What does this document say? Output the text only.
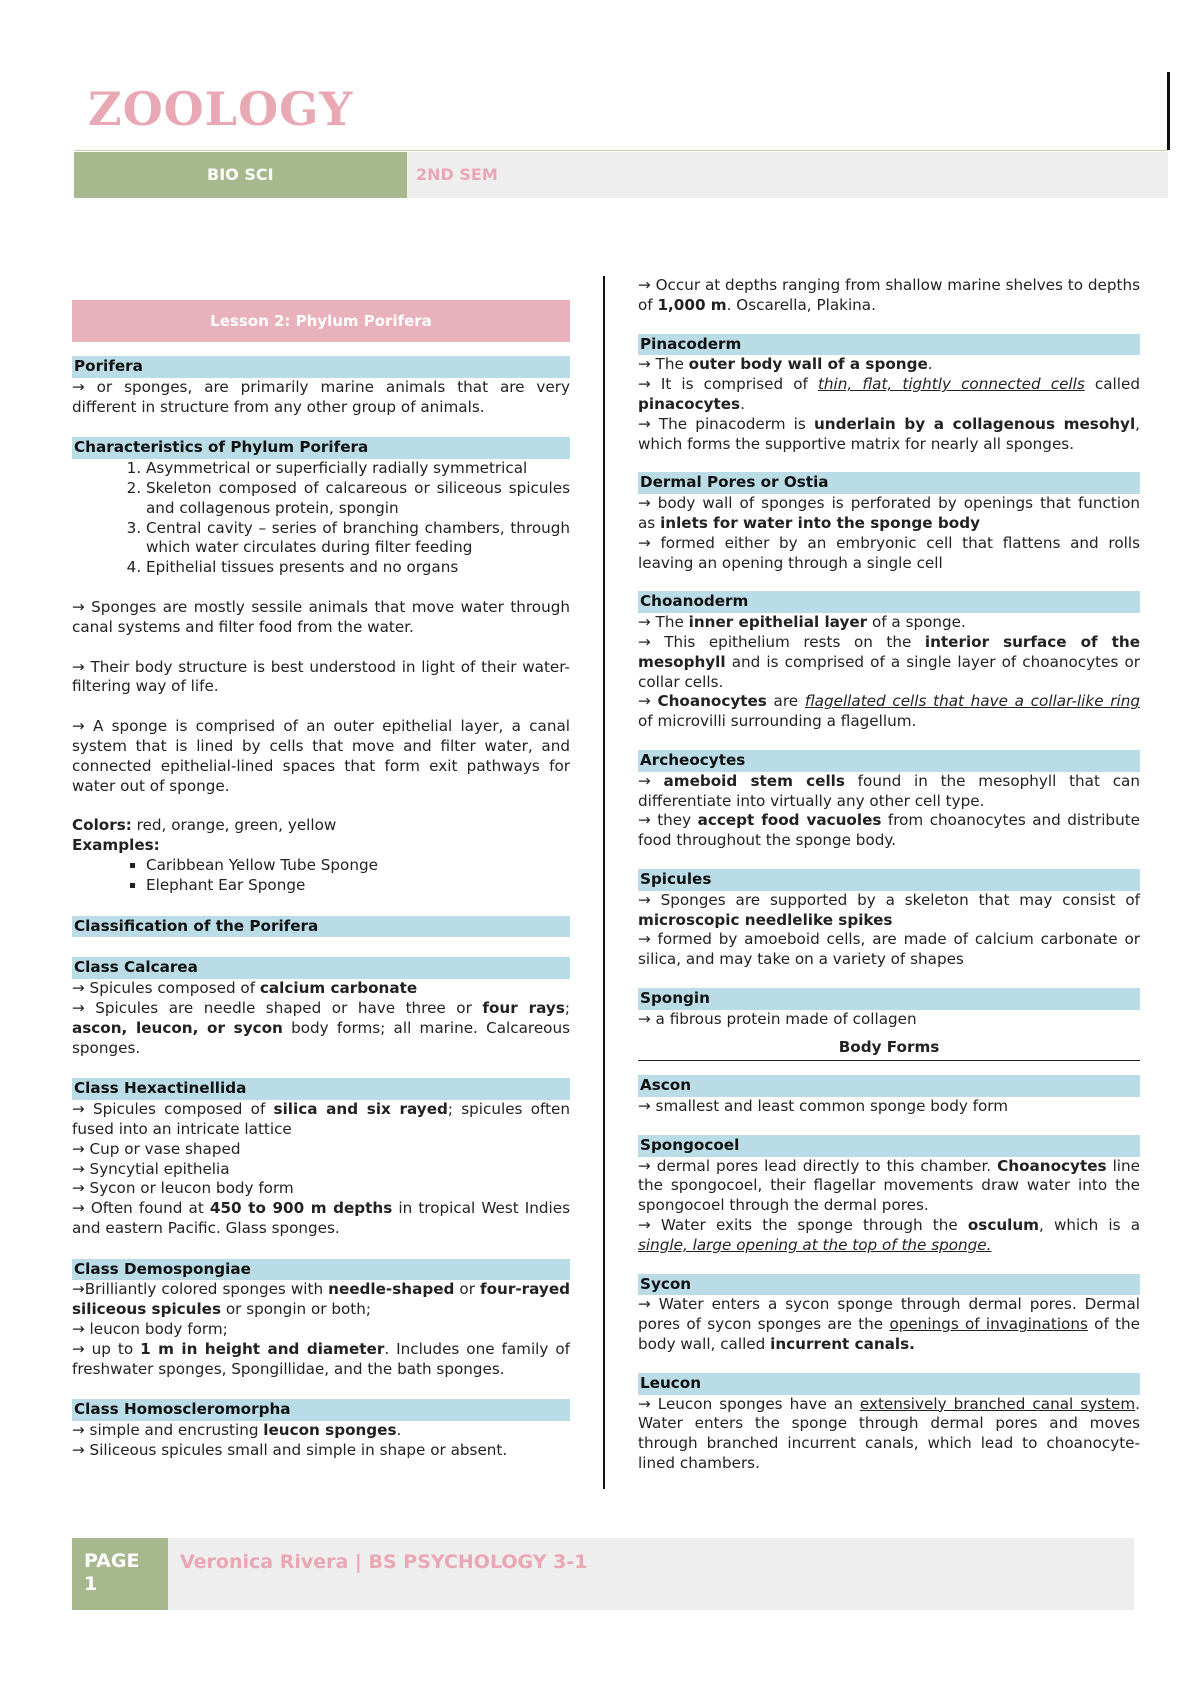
ZOOLOGY
BIO SCI	2ND SEM
Lesson 2: Phylum Porifera
Porifera

→ or sponges, are primarily marine animals that are very different in structure from any other group of animals.

Characteristics of Phylum Porifera
1. Asymmetrical or superficially radially symmetrical
2. Skeleton composed of calcareous or siliceous spicules and collagenous protein, spongin
3. Central cavity – series of branching chambers, through which water circulates during filter feeding
4. Epithelial tissues presents and no organs

→ Sponges are mostly sessile animals that move water through canal systems and filter food from the water.

→ Their body structure is best understood in light of their water-filtering way of life.

→ A sponge is comprised of an outer epithelial layer, a canal system that is lined by cells that move and filter water, and connected epithelial-lined spaces that form exit pathways for water out of sponge.

Colors: red, orange, green, yellow

Examples:

▪ Caribbean Yellow Tube Sponge
▪ Elephant Ear Sponge
Classification of the Porifera
Class Calcarea

→ Spicules composed of calcium carbonate

→ Spicules are needle shaped or have three or four rays; ascon, leucon, or sycon body forms; all marine. Calcareous sponges.

Class Hexactinellida

→ Spicules composed of silica and six rayed; spicules often fused into an intricate lattice

→ Cup or vase shaped

→ Syncytial epithelia

→ Sycon or leucon body form

→ Often found at 450 to 900 m depths in tropical West Indies and eastern Pacific. Glass sponges.

Class Demospongiae

→Brilliantly colored sponges with needle-shaped or four-rayed siliceous spicules or spongin or both;

→ leucon body form;

→ up to 1 m in height and diameter. Includes one family of freshwater sponges, Spongillidae, and the bath sponges.

Class Homoscleromorpha

→ simple and encrusting leucon sponges.

→ Siliceous spicules small and simple in shape or absent.

→ Occur at depths ranging from shallow marine shelves to depths of 1,000 m. Oscarella, Plakina.

Pinacoderm

→ The outer body wall of a sponge.

→ It is comprised of thin, flat, tightly connected cells called pinacocytes.

→ The pinacoderm is underlain by a collagenous mesohyl, which forms the supportive matrix for nearly all sponges.

Dermal Pores or Ostia

→ body wall of sponges is perforated by openings that function as inlets for water into the sponge body

→ formed either by an embryonic cell that flattens and rolls leaving an opening through a single cell

Choanoderm

→ The inner epithelial layer of a sponge.

→ This epithelium rests on the interior surface of the mesophyll and is comprised of a single layer of choanocytes or collar cells.

→ Choanocytes are flagellated cells that have a collar-like ring of microvilli surrounding a flagellum.

Archeocytes

→ ameboid stem cells found in the mesophyll that can differentiate into virtually any other cell type.

→ they accept food vacuoles from choanocytes and distribute food throughout the sponge body.

Spicules

→ Sponges are supported by a skeleton that may consist of microscopic needlelike spikes

→ formed by amoeboid cells, are made of calcium carbonate or silica, and may take on a variety of shapes

Spongin

→ a fibrous protein made of collagen

Body Forms
Ascon

→ smallest and least common sponge body form

Spongocoel

→ dermal pores lead directly to this chamber. Choanocytes line the spongocoel, their flagellar movements draw water into the spongocoel through the dermal pores.

→ Water exits the sponge through the osculum, which is a single, large opening at the top of the sponge.

Sycon

→ Water enters a sycon sponge through dermal pores. Dermal pores of sycon sponges are the openings of invaginations of the body wall, called incurrent canals.

Leucon

→ Leucon sponges have an extensively branched canal system. Water enters the sponge through dermal pores and moves through branched incurrent canals, which lead to choanocyte-lined chambers.

PAGE
1
Veronica Rivera | BS PSYCHOLOGY 3-1
